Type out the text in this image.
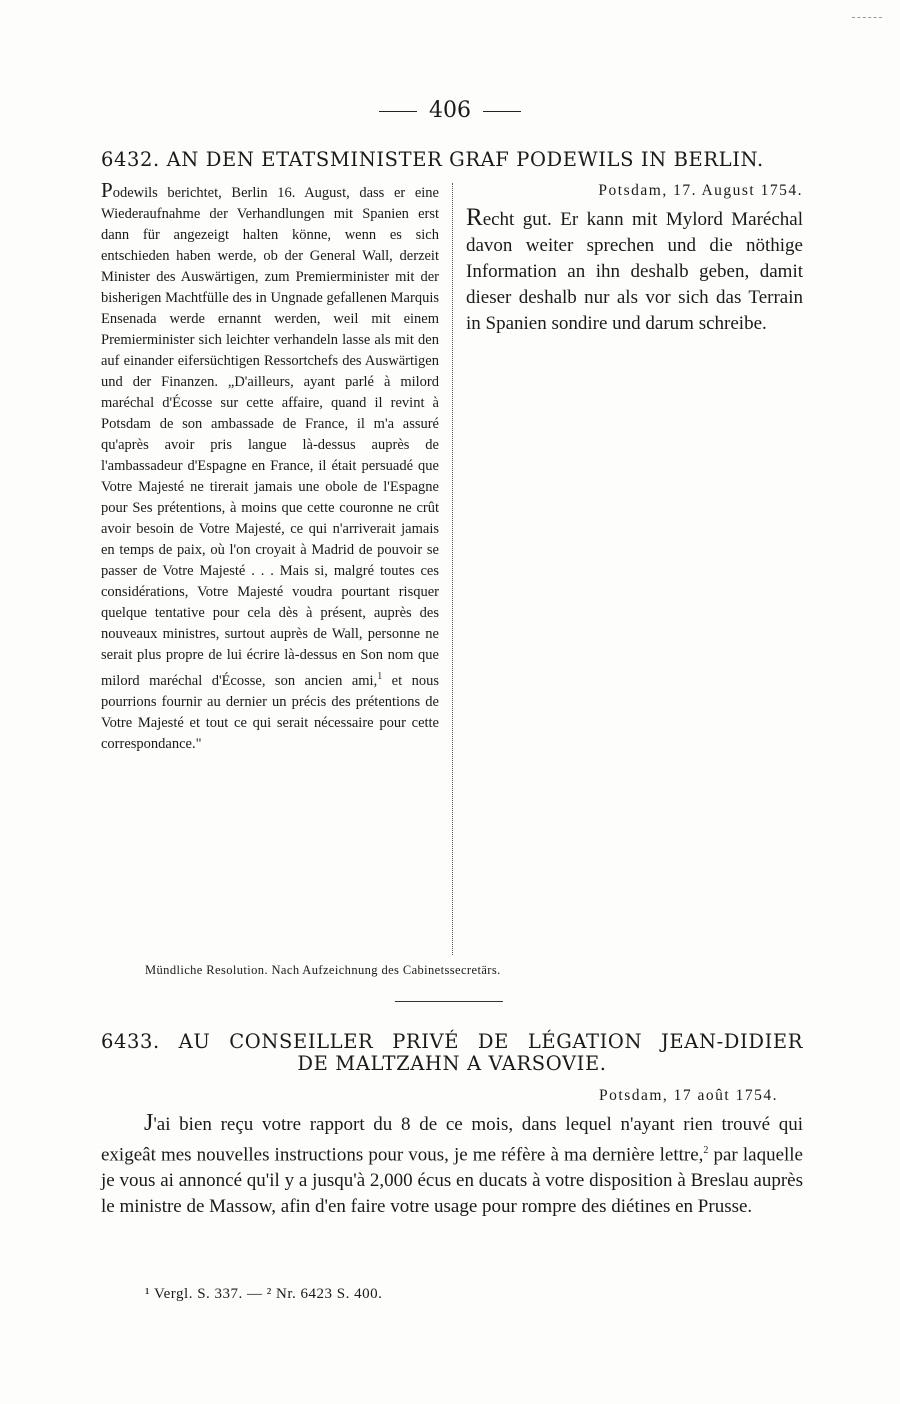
406
6432. AN DEN ETATSMINISTER GRAF PODEWILS IN BERLIN.
Podewils berichtet, Berlin 16. August, dass er eine Wiederaufnahme der Verhandlungen mit Spanien erst dann für angezeigt halten könne, wenn es sich entschieden haben werde, ob der General Wall, derzeit Minister des Auswärtigen, zum Premierminister mit der bisherigen Machtfülle des in Ungnade gefallenen Marquis Ensenada werde ernannt werden, weil mit einem Premierminister sich leichter verhandeln lasse als mit den auf einander eifersüchtigen Ressortchefs des Auswärtigen und der Finanzen. „D'ailleurs, ayant parlé à milord maréchal d'Écosse sur cette affaire, quand il revint à Potsdam de son ambassade de France, il m'a assuré qu'après avoir pris langue là-dessus auprès de l'ambassadeur d'Espagne en France, il était persuadé que Votre Majesté ne tirerait jamais une obole de l'Espagne pour Ses prétentions, à moins que cette couronne ne crût avoir besoin de Votre Majesté, ce qui n'arriverait jamais en temps de paix, où l'on croyait à Madrid de pouvoir se passer de Votre Majesté . . . Mais si, malgré toutes ces considérations, Votre Majesté voudra pourtant risquer quelque tentative pour cela dès à présent, auprès des nouveaux ministres, surtout auprès de Wall, personne ne serait plus propre de lui écrire là-dessus en Son nom que milord maréchal d'Écosse, son ancien ami,$^1$ et nous pourrions fournir au dernier un précis des prétentions de Votre Majesté et tout ce qui serait nécessaire pour cette correspondance."
Potsdam, 17. August 1754.
Recht gut. Er kann mit Mylord Maréchal davon weiter sprechen und die nöthige Information an ihn deshalb geben, damit dieser deshalb nur als vor sich das Terrain in Spanien sondire und darum schreibe.
Mündliche Resolution. Nach Aufzeichnung des Cabinetssecretärs.
6433. AU CONSEILLER PRIVÉ DE LÉGATION JEAN-DIDIER
DE MALTZAHN A VARSOVIE.
Potsdam, 17 août 1754.
J'ai bien reçu votre rapport du 8 de ce mois, dans lequel n'ayant rien trouvé qui exigeât mes nouvelles instructions pour vous, je me réfère à ma dernière lettre,$^2$ par laquelle je vous ai annoncé qu'il y a jusqu'à 2,000 écus en ducats à votre disposition à Breslau auprès le ministre de Massow, afin d'en faire votre usage pour rompre des diétines en Prusse.
¹ Vergl. S. 337. — ² Nr. 6423 S. 400.
